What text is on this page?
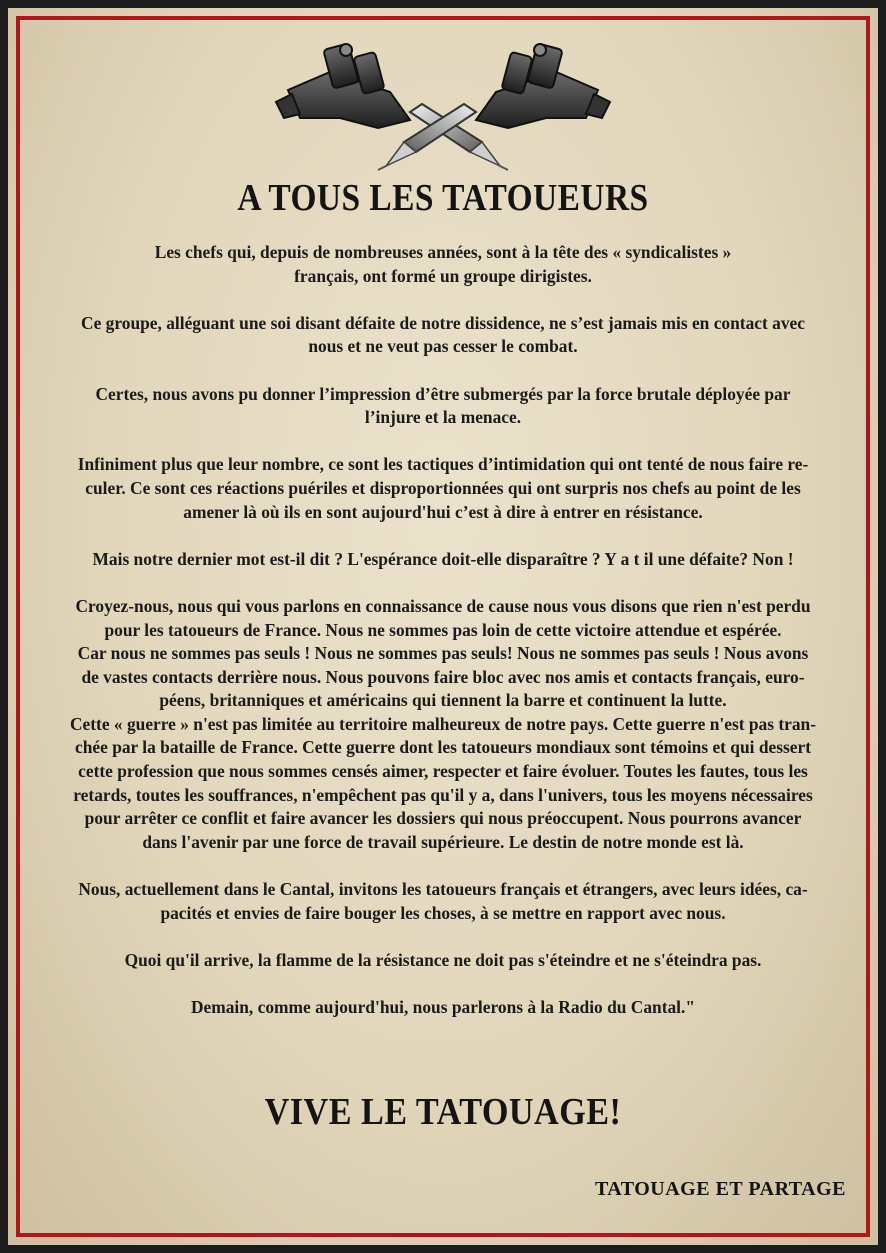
A TOUS LES TATOUEURS

Les chefs qui, depuis de nombreuses années, sont à la tête des « syndicalistes »
français, ont formé un groupe dirigistes.

Ce groupe, alléguant une soi disant défaite de notre dissidence, ne s’est jamais mis en contact avec
nous et ne veut pas cesser le combat.

Certes, nous avons pu donner l’impression d’être submergés par la force brutale déployée par
l’injure et la menace.

Infiniment plus que leur nombre, ce sont les tactiques d’intimidation qui ont tenté de nous faire re-
culer. Ce sont ces réactions puériles et disproportionnées qui ont surpris nos chefs au point de les
amener là où ils en sont aujourd'hui c’est à dire à entrer en résistance.

Mais notre dernier mot est-il dit ? L'espérance doit-elle disparaître ? Y a t il une défaite? Non !

Croyez-nous, nous qui vous parlons en connaissance de cause nous vous disons que rien n'est perdu
pour les tatoueurs de France. Nous ne sommes pas loin de cette victoire attendue et espérée.
Car nous ne sommes pas seuls ! Nous ne sommes pas seuls! Nous ne sommes pas seuls ! Nous avons
de vastes contacts derrière nous. Nous pouvons faire bloc avec nos amis et contacts français, euro-
péens, britanniques et américains qui tiennent la barre et continuent la lutte.
Cette « guerre » n'est pas limitée au territoire malheureux de notre pays. Cette guerre n'est pas tran-
chée par la bataille de France. Cette guerre dont les tatoueurs mondiaux sont témoins et qui dessert
cette profession que nous sommes censés aimer, respecter et faire évoluer. Toutes les fautes, tous les
retards, toutes les souffrances, n'empêchent pas qu'il y a, dans l'univers, tous les moyens nécessaires
pour arrêter ce conflit et faire avancer les dossiers qui nous préoccupent. Nous pourrons avancer
dans l'avenir par une force de travail supérieure. Le destin de notre monde est là.

Nous, actuellement dans le Cantal, invitons les tatoueurs français et étrangers, avec leurs idées, ca-
pacités et envies de faire bouger les choses, à se mettre en rapport avec nous.

Quoi qu'il arrive, la flamme de la résistance ne doit pas s'éteindre et ne s'éteindra pas.

Demain, comme aujourd'hui, nous parlerons à la Radio du Cantal."

VIVE LE TATOUAGE!
TATOUAGE ET PARTAGE
